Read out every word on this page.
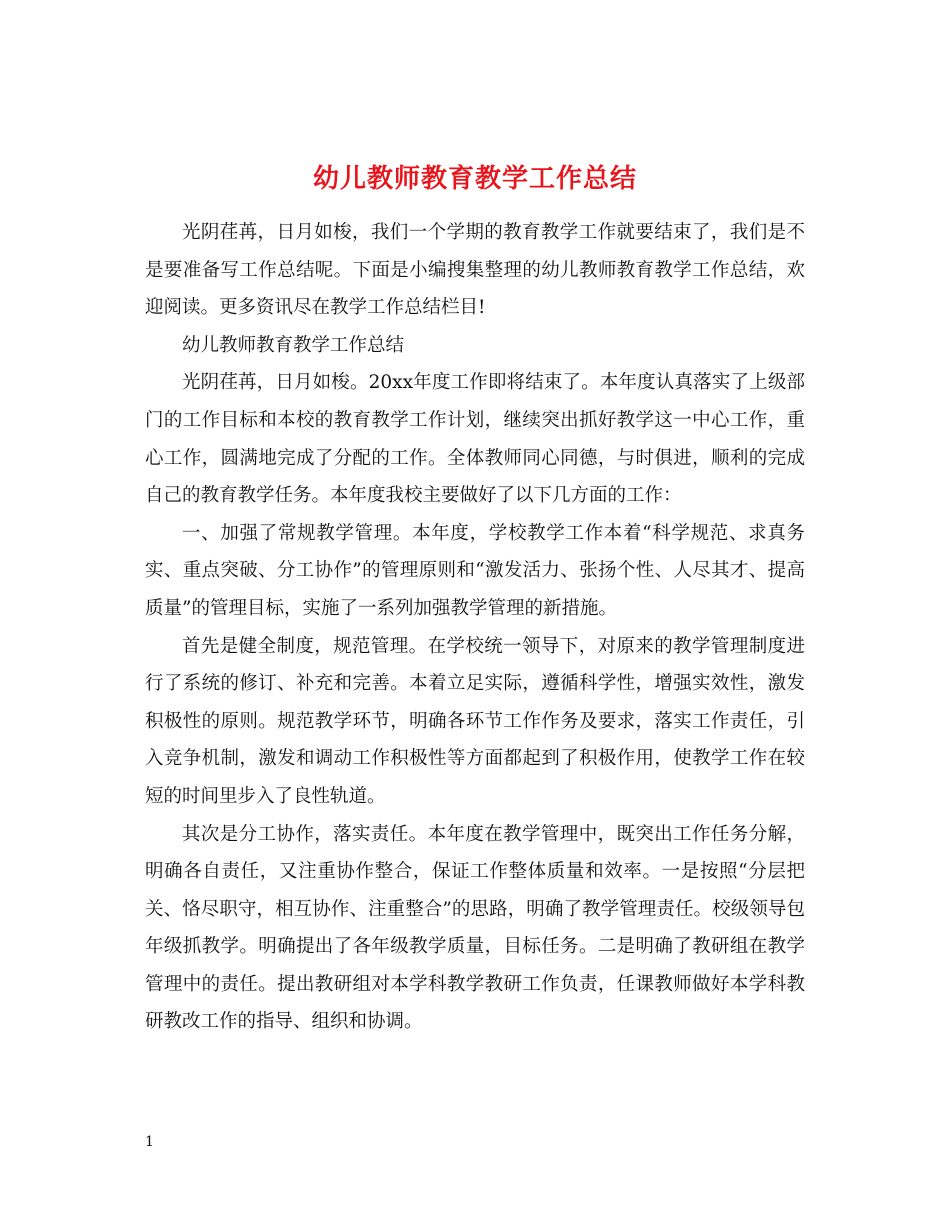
幼儿教师教育教学工作总结

光阴荏苒，日月如梭，我们一个学期的教育教学工作就要结束了，我们是不是要准备写工作总结呢。下面是小编搜集整理的幼儿教师教育教学工作总结，欢迎阅读。更多资讯尽在教学工作总结栏目!

幼儿教师教育教学工作总结

光阴荏苒，日月如梭。20xx年度工作即将结束了。本年度认真落实了上级部门的工作目标和本校的教育教学工作计划，继续突出抓好教学这一中心工作，重心工作，圆满地完成了分配的工作。全体教师同心同德，与时俱进，顺利的完成自己的教育教学任务。本年度我校主要做好了以下几方面的工作：

一、加强了常规教学管理。本年度，学校教学工作本着“科学规范、求真务实、重点突破、分工协作”的管理原则和“激发活力、张扬个性、人尽其才、提高质量”的管理目标，实施了一系列加强教学管理的新措施。

首先是健全制度，规范管理。在学校统一领导下，对原来的教学管理制度进行了系统的修订、补充和完善。本着立足实际，遵循科学性，增强实效性，激发积极性的原则。规范教学环节，明确各环节工作作务及要求，落实工作责任，引入竞争机制，激发和调动工作积极性等方面都起到了积极作用，使教学工作在较短的时间里步入了良性轨道。

其次是分工协作，落实责任。本年度在教学管理中，既突出工作任务分解，明确各自责任，又注重协作整合，保证工作整体质量和效率。一是按照“分层把关、恪尽职守，相互协作、注重整合”的思路，明确了教学管理责任。校级领导包年级抓教学。明确提出了各年级教学质量，目标任务。二是明确了教研组在教学管理中的责任。提出教研组对本学科教学教研工作负责，任课教师做好本学科教研教改工作的指导、组织和协调。

1
